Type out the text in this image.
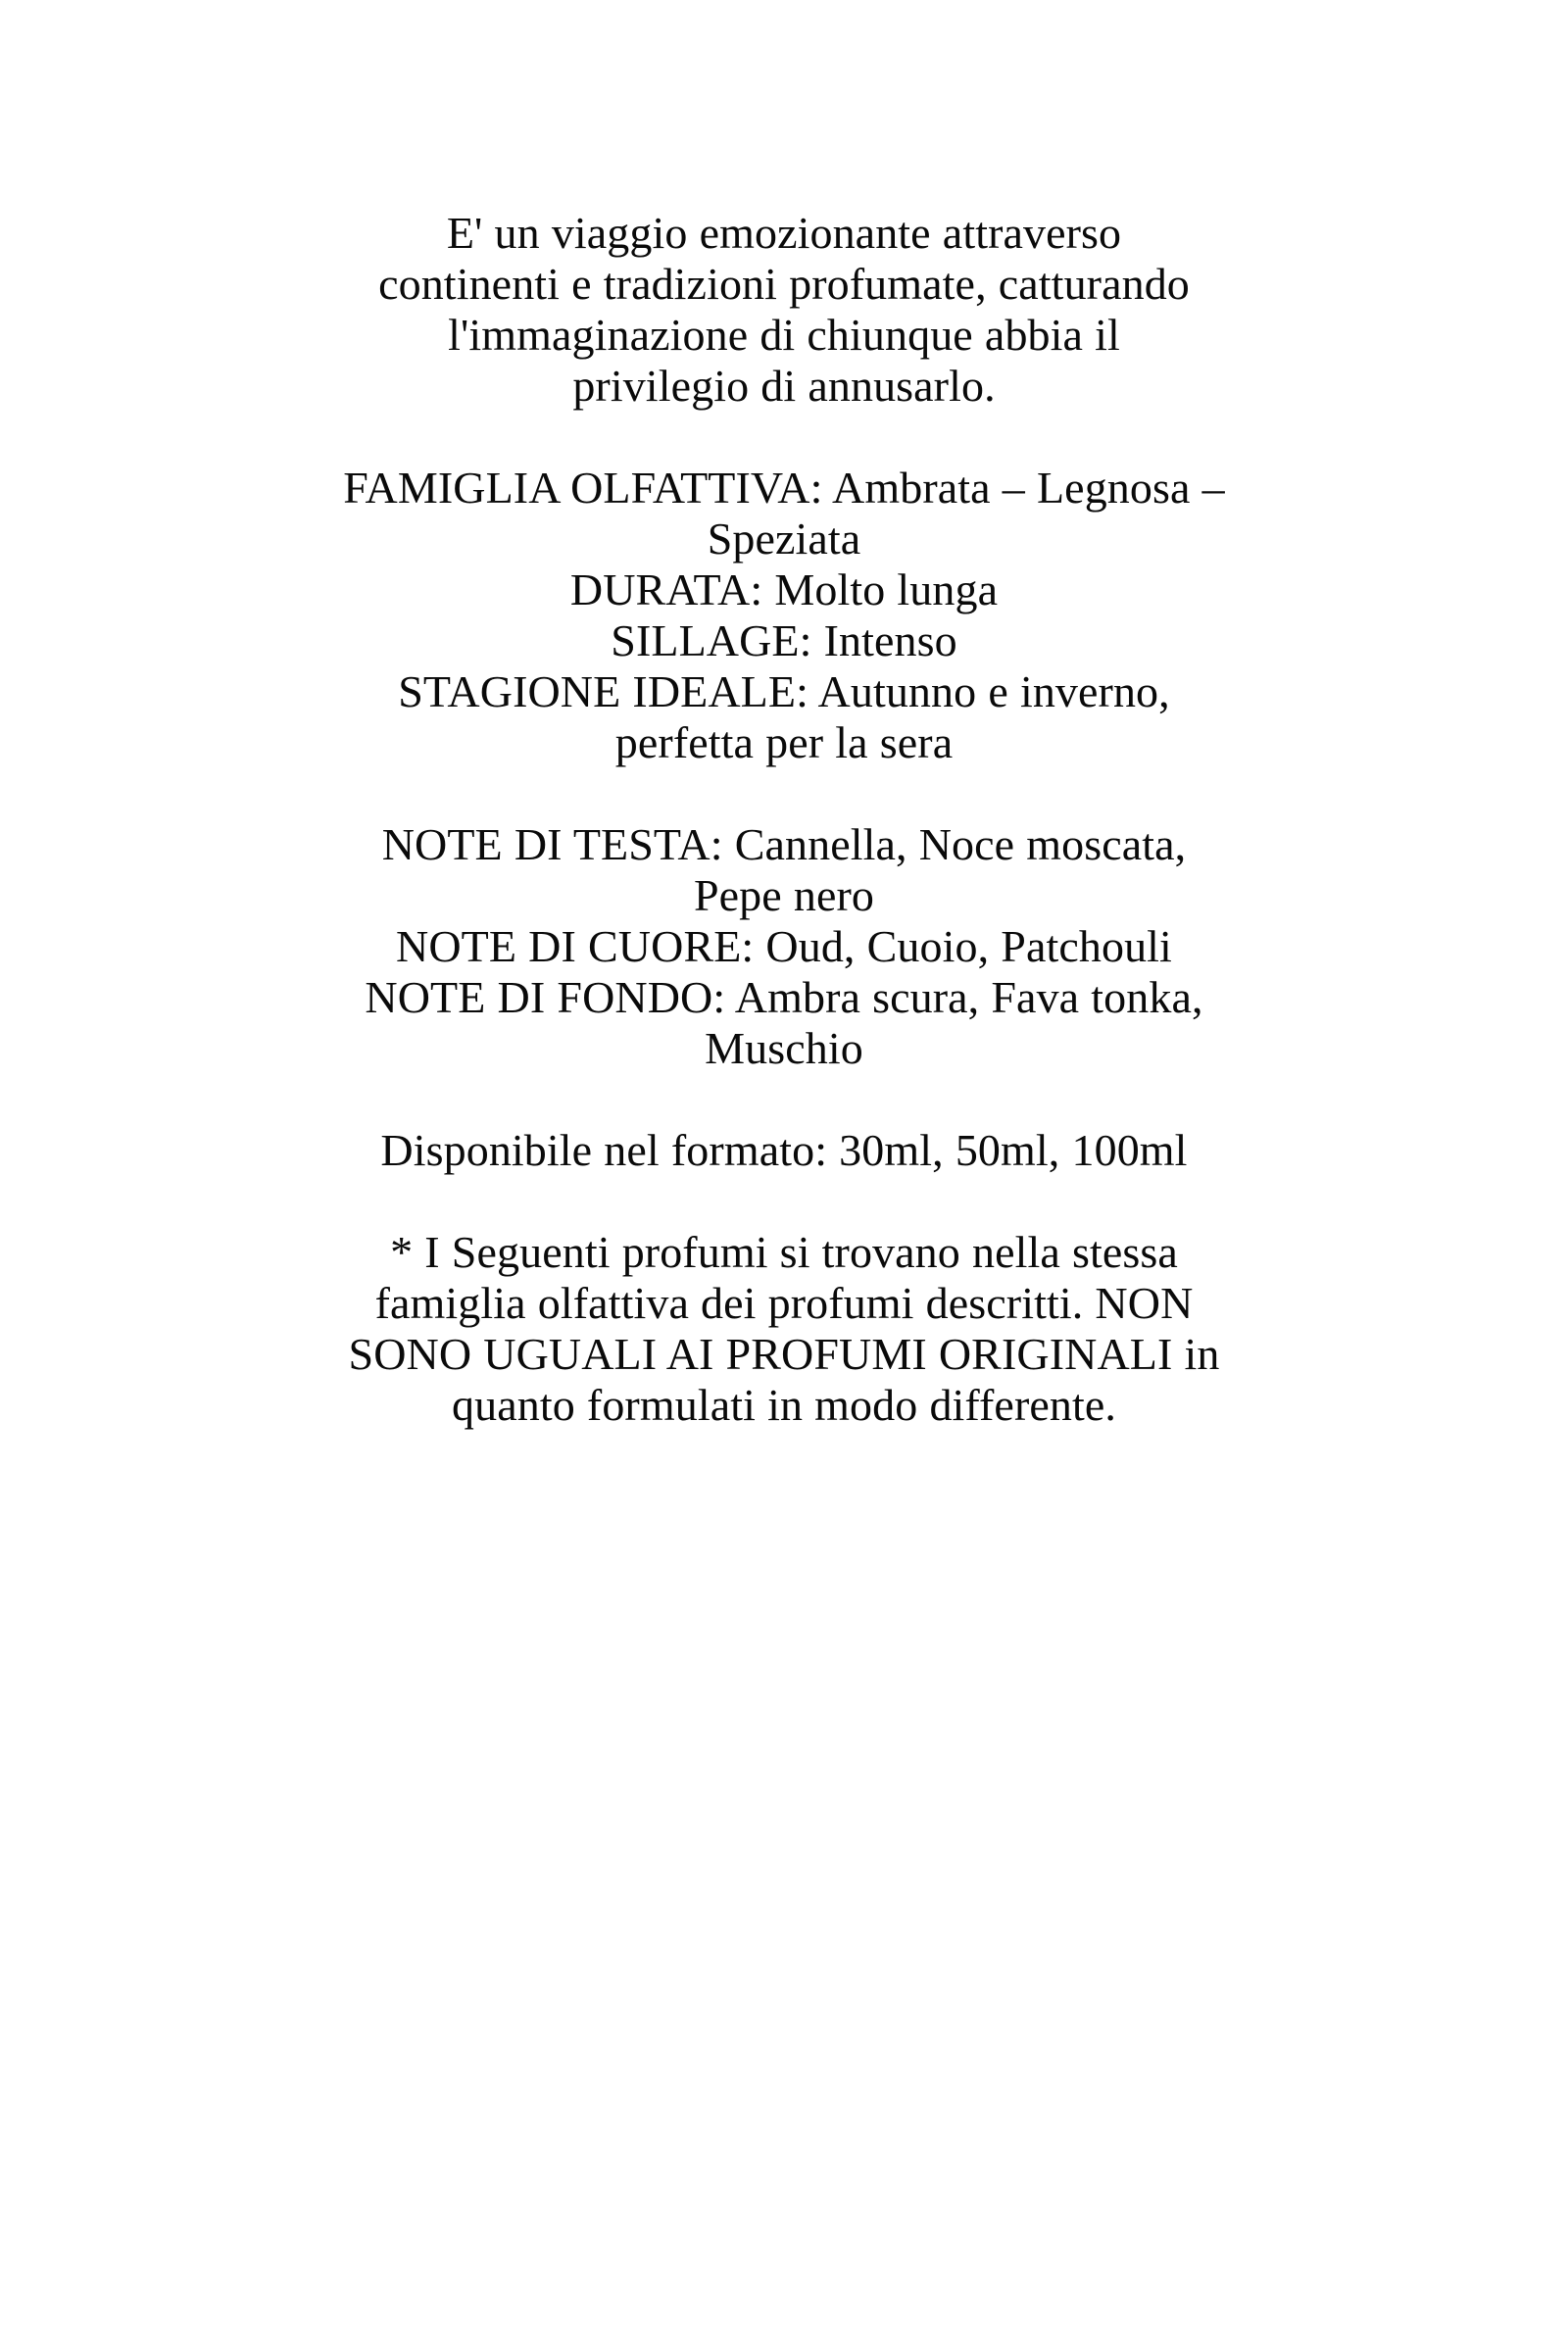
E' un viaggio emozionante attraverso
continenti e tradizioni profumate, catturando
l'immaginazione di chiunque abbia il
privilegio di annusarlo.

FAMIGLIA OLFATTIVA: Ambrata – Legnosa –
Speziata
DURATA: Molto lunga
SILLAGE: Intenso
STAGIONE IDEALE: Autunno e inverno,
perfetta per la sera

NOTE DI TESTA: Cannella, Noce moscata,
Pepe nero
NOTE DI CUORE: Oud, Cuoio, Patchouli
NOTE DI FONDO: Ambra scura, Fava tonka,
Muschio

Disponibile nel formato: 30ml, 50ml, 100ml

* I Seguenti profumi si trovano nella stessa
famiglia olfattiva dei profumi descritti. NON
SONO UGUALI AI PROFUMI ORIGINALI in
quanto formulati in modo differente.
